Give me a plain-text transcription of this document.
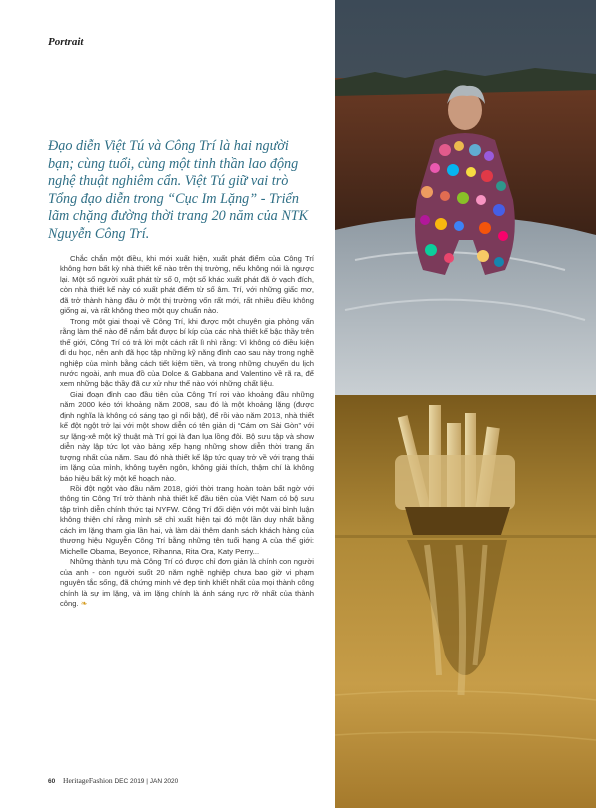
Portrait

Đạo diễn Việt Tú và Công Trí là hai người bạn; cùng tuổi, cùng một tinh thần lao động nghệ thuật nghiêm cẩn. Việt Tú giữ vai trò Tổng đạo diễn trong “Cục Im Lặng” - Triển lãm chặng đường thời trang 20 năm của NTK Nguyễn Công Trí.

Chắc chắn một điều, khi mới xuất hiện, xuất phát điểm của Công Trí không hơn bất kỳ nhà thiết kế nào trên thị trường, nếu không nói là ngược lại. Một số người xuất phát từ số 0, một số khác xuất phát đã ở vạch đích, còn nhà thiết kế này có xuất phát điểm từ số âm. Trí, với những giấc mơ, đã trở thành hàng đầu ở một thị trường vốn rất mới, rất nhiều điều không giống ai, và rất không theo một quy chuẩn nào.

Trong một giai thoại về Công Trí, khi được một chuyên gia phỏng vấn rằng làm thế nào để nắm bắt được bí kíp của các nhà thiết kế bậc thầy trên thế giới, Công Trí có trả lời một cách rất lì nhì rằng: Vì không có điều kiện đi du học, nên anh đã học tập những kỹ năng đỉnh cao sau này trong nghề nghiệp của mình bằng cách tiết kiệm tiền, và trong những chuyến du lịch nước ngoài, anh mua đồ của Dolce & Gabbana and Valentino về rã ra, để xem những bậc thầy đã cư xử như thế nào với những chất liệu.

Giai đoạn đỉnh cao đầu tiên của Công Trí rơi vào khoảng đầu những năm 2000 kéo tới khoảng năm 2008, sau đó là một khoảng lặng (được định nghĩa là không có sáng tạo gì nổi bật), để rồi vào năm 2013, nhà thiết kế đột ngột trở lại với một show diễn có tên giản dị “Cám ơn Sài Gòn” với sự lặng-xê một kỹ thuật mà Trí gọi là đan lụa lồng đôi. Bộ sưu tập và show diễn này lập tức lọt vào bảng xếp hạng những show diễn thời trang ấn tượng nhất của năm. Sau đó nhà thiết kế lập tức quay trở về với trạng thái im lặng của mình, không tuyên ngôn, không giải thích, thậm chí là không báo hiệu bất kỳ một kế hoạch nào.

Rồi đột ngột vào đầu năm 2018, giới thời trang hoàn toàn bất ngờ với thông tin Công Trí trở thành nhà thiết kế đầu tiên của Việt Nam có bộ sưu tập trình diễn chính thức tại NYFW. Công Trí đối diện với một vài bình luận không thiện chí rằng mình sẽ chỉ xuất hiện tại đó một lần duy nhất bằng cách im lặng tham gia lần hai, và làm dài thêm danh sách khách hàng của thương hiệu Nguyễn Công Trí bằng những tên tuổi hạng A của thế giới: Michelle Obama, Beyonce, Rihanna, Rita Ora, Katy Perry...

Những thành tựu mà Công Trí có được chỉ đơn giản là chính con người của anh - con người suốt 20 năm nghề nghiệp chưa bao giờ vi phạm nguyên tắc sống, đã chứng minh vẻ đẹp tinh khiết nhất của mọi thành công chính là sự im lặng, và im lặng chính là ánh sáng rực rỡ nhất của thành công. ❧

60 HeritageFashion DEC 2019 | JAN 2020
